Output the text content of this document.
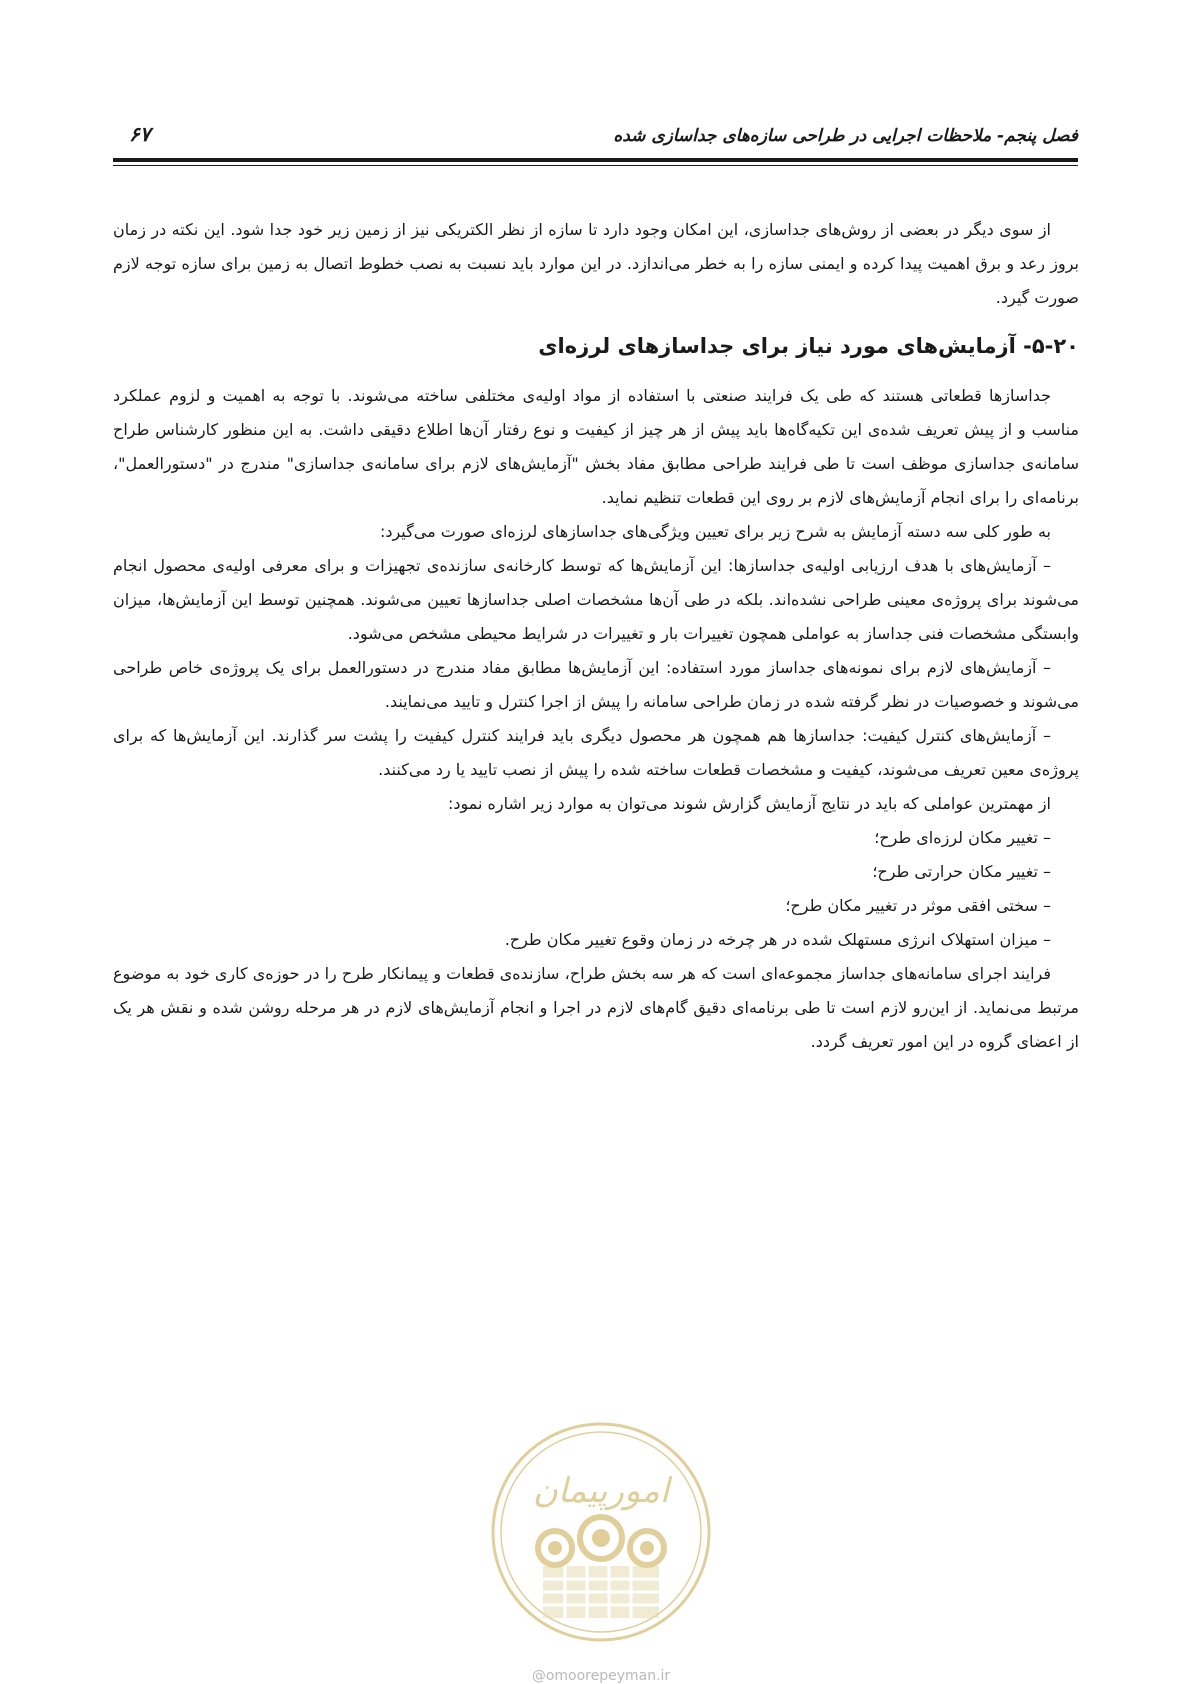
فصل پنجم- ملاحظات اجرایی در طراحی سازه‌های جداسازی شده
۶۷

از سوی دیگر در بعضی از روش‌های جداسازی، این امکان وجود دارد تا سازه از نظر الکتریکی نیز از زمین زیر خود جدا شود. این نکته در زمان بروز رعد و برق اهمیت پیدا کرده و ایمنی سازه را به خطر می‌اندازد. در این موارد باید نسبت به نصب خطوط اتصال به زمین برای سازه توجه لازم صورت گیرد.

۵-۲۰- آزمایش‌های مورد نیاز برای جداسازهای لرزه‌ای

جداسازها قطعاتی هستند که طی یک فرایند صنعتی با استفاده از مواد اولیه‌ی مختلفی ساخته می‌شوند. با توجه به اهمیت و لزوم عملکرد مناسب و از پیش تعریف شده‌ی این تکیه‌گاه‌ها باید پیش از هر چیز از کیفیت و نوع رفتار آن‌ها اطلاع دقیقی داشت. به این منظور کارشناس طراح سامانه‌ی جداسازی موظف است تا طی فرایند طراحی مطابق مفاد بخش "آزمایش‌های لازم برای سامانه‌ی جداسازی" مندرج در "دستورالعمل"، برنامه‌ای را برای انجام آزمایش‌های لازم بر روی این قطعات تنظیم نماید.

به طور کلی سه دسته آزمایش به شرح زیر برای تعیین ویژگی‌های جداسازهای لرزه‌ای صورت می‌گیرد:

– آزمایش‌های با هدف ارزیابی اولیه‌ی جداسازها: این آزمایش‌ها که توسط کارخانه‌ی سازنده‌ی تجهیزات و برای معرفی اولیه‌ی محصول انجام می‌شوند برای پروژه‌ی معینی طراحی نشده‌اند. بلکه در طی آن‌ها مشخصات اصلی جداسازها تعیین می‌شوند. همچنین توسط این آزمایش‌ها، میزان وابستگی مشخصات فنی جداساز به عواملی همچون تغییرات بار و تغییرات در شرایط محیطی مشخص می‌شود.

– آزمایش‌های لازم برای نمونه‌های جداساز مورد استفاده: این آزمایش‌ها مطابق مفاد مندرج در دستورالعمل برای یک پروژه‌ی خاص طراحی می‌شوند و خصوصیات در نظر گرفته شده در زمان طراحی سامانه را پیش از اجرا کنترل و تایید می‌نمایند.

– آزمایش‌های کنترل کیفیت: جداسازها هم همچون هر محصول دیگری باید فرایند کنترل کیفیت را پشت سر گذارند. این آزمایش‌ها که برای پروژه‌ی معین تعریف می‌شوند، کیفیت و مشخصات قطعات ساخته شده را پیش از نصب تایید یا رد می‌کنند.

از مهمترین عواملی که باید در نتایج آزمایش گزارش شوند می‌توان به موارد زیر اشاره نمود:

– تغییر مکان لرزه‌ای طرح؛

– تغییر مکان حرارتی طرح؛

– سختی افقی موثر در تغییر مکان طرح؛

– میزان استهلاک انرژی مستهلک شده در هر چرخه در زمان وقوع تغییر مکان طرح.

فرایند اجرای سامانه‌های جداساز مجموعه‌ای است که هر سه بخش طراح، سازنده‌ی قطعات و پیمانکار طرح را در حوزه‌ی کاری خود به موضوع مرتبط می‌نماید. از این‌رو لازم است تا طی برنامه‌ای دقیق گام‌های لازم در اجرا و انجام آزمایش‌های لازم در هر مرحله روشن شده و نقش هر یک از اعضای گروه در این امور تعریف گردد.

امورپیمان
@omoorepeyman.ir
